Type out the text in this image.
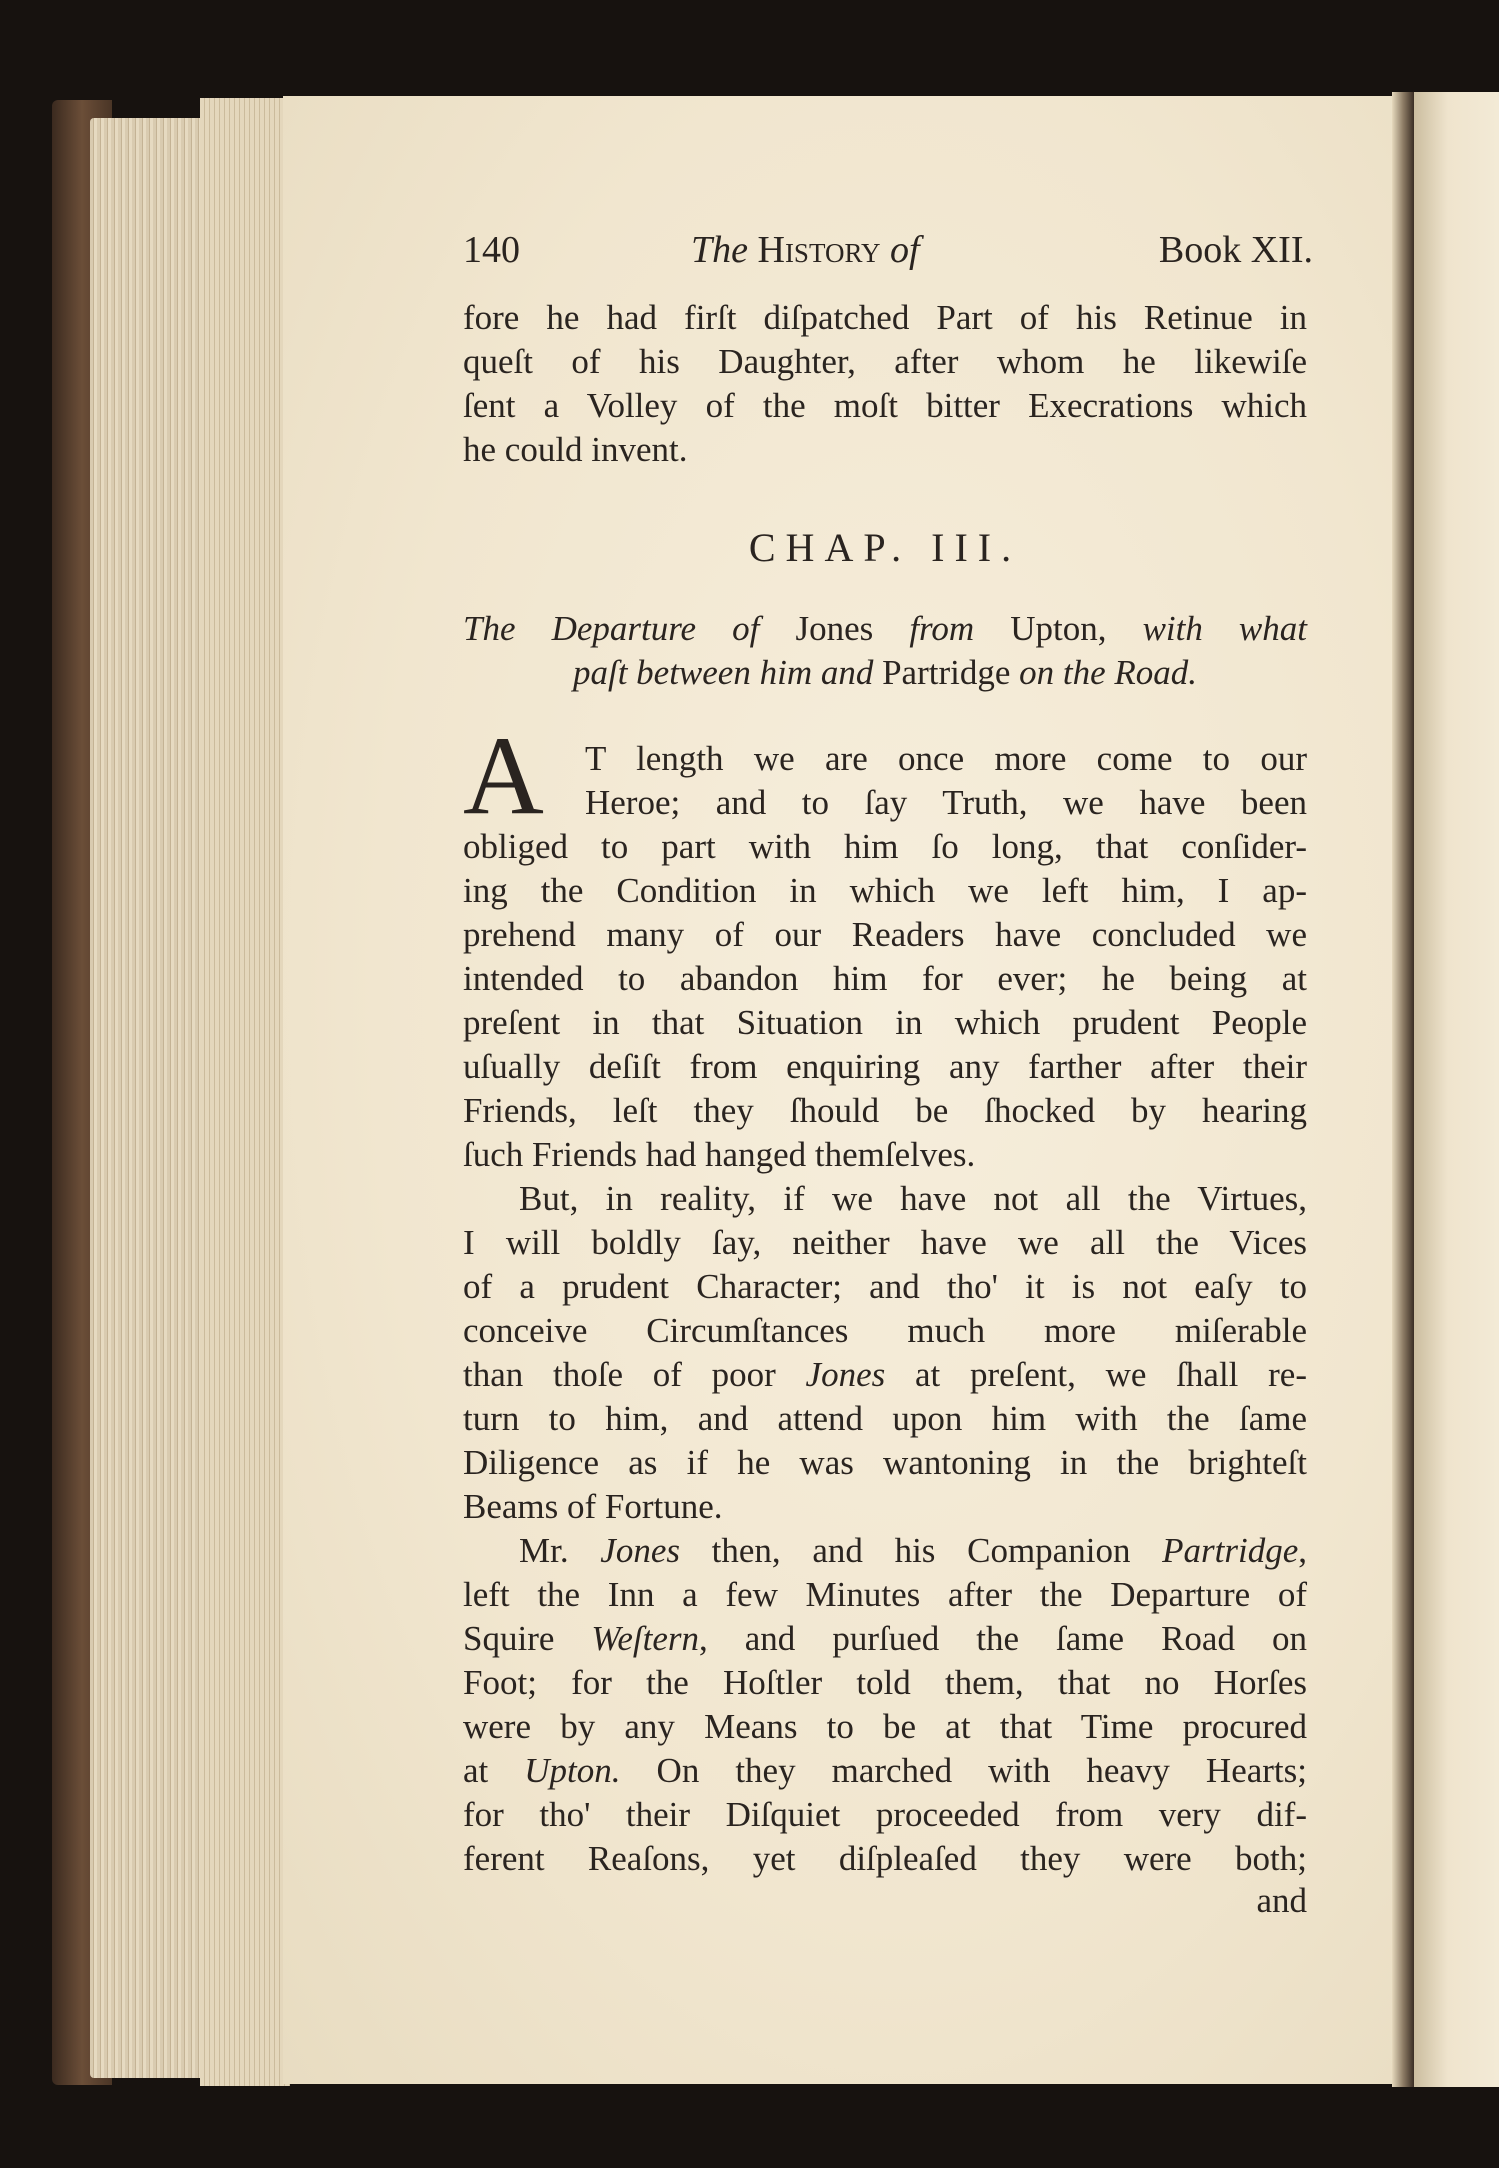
140	The History of	Book XII.
fore he had firſt diſpatched Part of his Retinue in
queſt of his Daughter, after whom he likewiſe
ſent a Volley of the moſt bitter Execrations which
he could invent.
CHAP. III.
The Departure of Jones from Upton, with what
paſt between him and Partridge on the Road.
A	T length we are once more come to our
Heroe; and to ſay Truth, we have been
obliged to part with him ſo long, that conſider-
ing the Condition in which we left him, I ap-
prehend many of our Readers have concluded we
intended to abandon him for ever; he being at
preſent in that Situation in which prudent People
uſually deſiſt from enquiring any farther after their
Friends, leſt they ſhould be ſhocked by hearing
ſuch Friends had hanged themſelves.
But, in reality, if we have not all the Virtues,
I will boldly ſay, neither have we all the Vices
of a prudent Character; and tho' it is not eaſy to
conceive Circumſtances much more miſerable
than thoſe of poor Jones at preſent, we ſhall re-
turn to him, and attend upon him with the ſame
Diligence as if he was wantoning in the brighteſt
Beams of Fortune.
Mr. Jones then, and his Companion Partridge,
left the Inn a few Minutes after the Departure of
Squire Weſtern, and purſued the ſame Road on
Foot; for the Hoſtler told them, that no Horſes
were by any Means to be at that Time procured
at Upton. On they marched with heavy Hearts;
for tho' their Diſquiet proceeded from very dif-
ferent Reaſons, yet diſpleaſed they were both;
and
